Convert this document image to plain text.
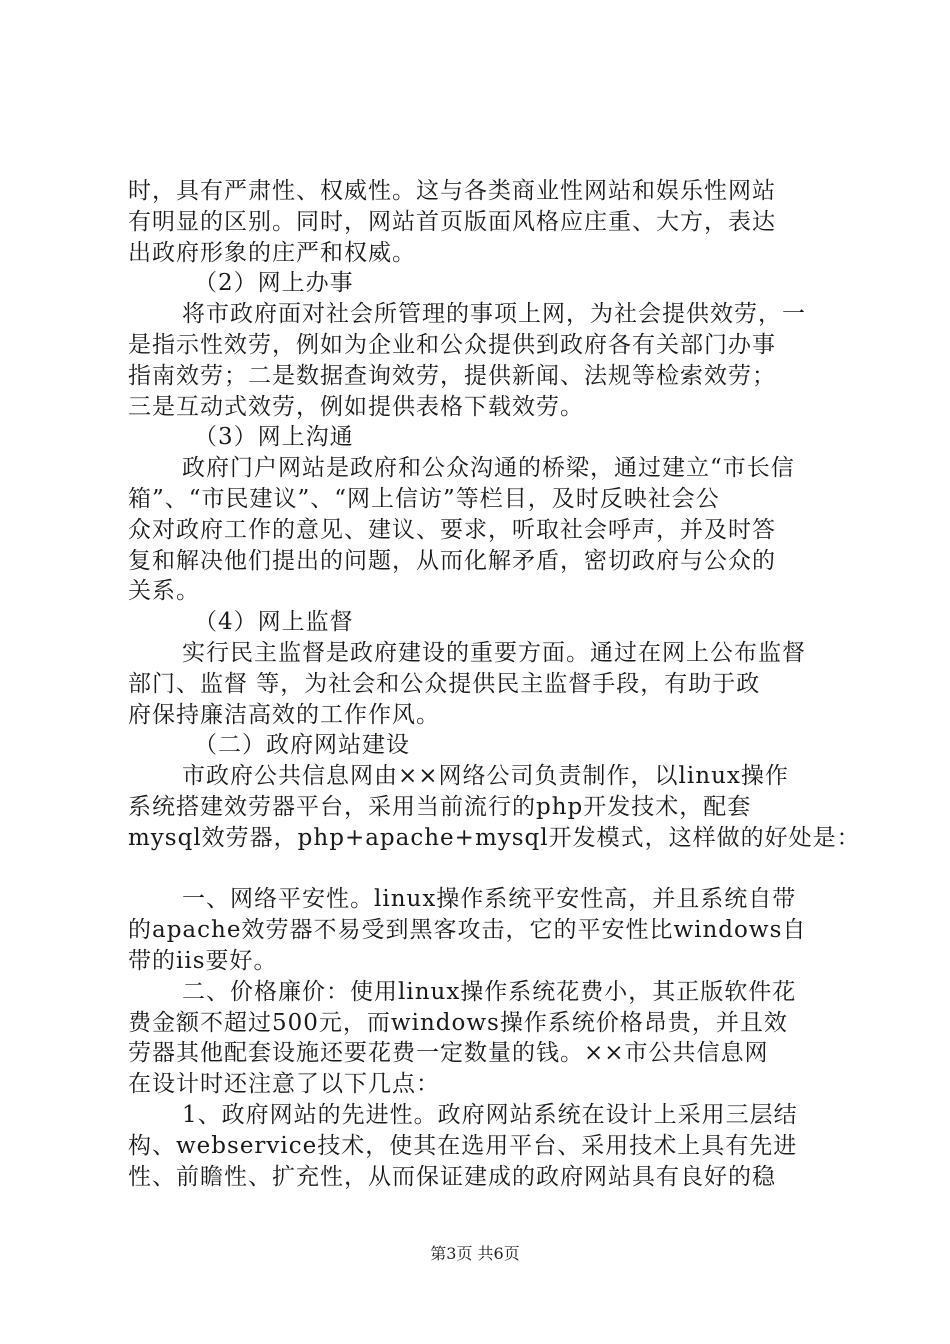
时，具有严肃性、权威性。这与各类商业性网站和娱乐性网站
有明显的区别。同时，网站首页版面风格应庄重、大方，表达
出政府形象的庄严和权威。
（2）网上办事
将市政府面对社会所管理的事项上网，为社会提供效劳，一
是指示性效劳，例如为企业和公众提供到政府各有关部门办事
指南效劳；二是数据查询效劳，提供新闻、法规等检索效劳；
三是互动式效劳，例如提供表格下载效劳。
（3）网上沟通
政府门户网站是政府和公众沟通的桥梁，通过建立“市长信
箱”、“市民建议”、“网上信访”等栏目，及时反映社会公
众对政府工作的意见、建议、要求，听取社会呼声，并及时答
复和解决他们提出的问题，从而化解矛盾，密切政府与公众的
关系。
（4）网上监督
实行民主监督是政府建设的重要方面。通过在网上公布监督
部门、监督 等，为社会和公众提供民主监督手段，有助于政
府保持廉洁高效的工作作风。
（二）政府网站建设
市政府公共信息网由××网络公司负责制作，以linux操作
系统搭建效劳器平台，采用当前流行的php开发技术，配套
mysql效劳器，php+apache+mysql开发模式，这样做的好处是：
一、网络平安性。linux操作系统平安性高，并且系统自带
的apache效劳器不易受到黑客攻击，它的平安性比windows自
带的iis要好。
二、价格廉价：使用linux操作系统花费小，其正版软件花
费金额不超过500元，而windows操作系统价格昂贵，并且效
劳器其他配套设施还要花费一定数量的钱。××市公共信息网
在设计时还注意了以下几点：
1、政府网站的先进性。政府网站系统在设计上采用三层结
构、webservice技术，使其在选用平台、采用技术上具有先进
性、前瞻性、扩充性，从而保证建成的政府网站具有良好的稳
第3页 共6页
